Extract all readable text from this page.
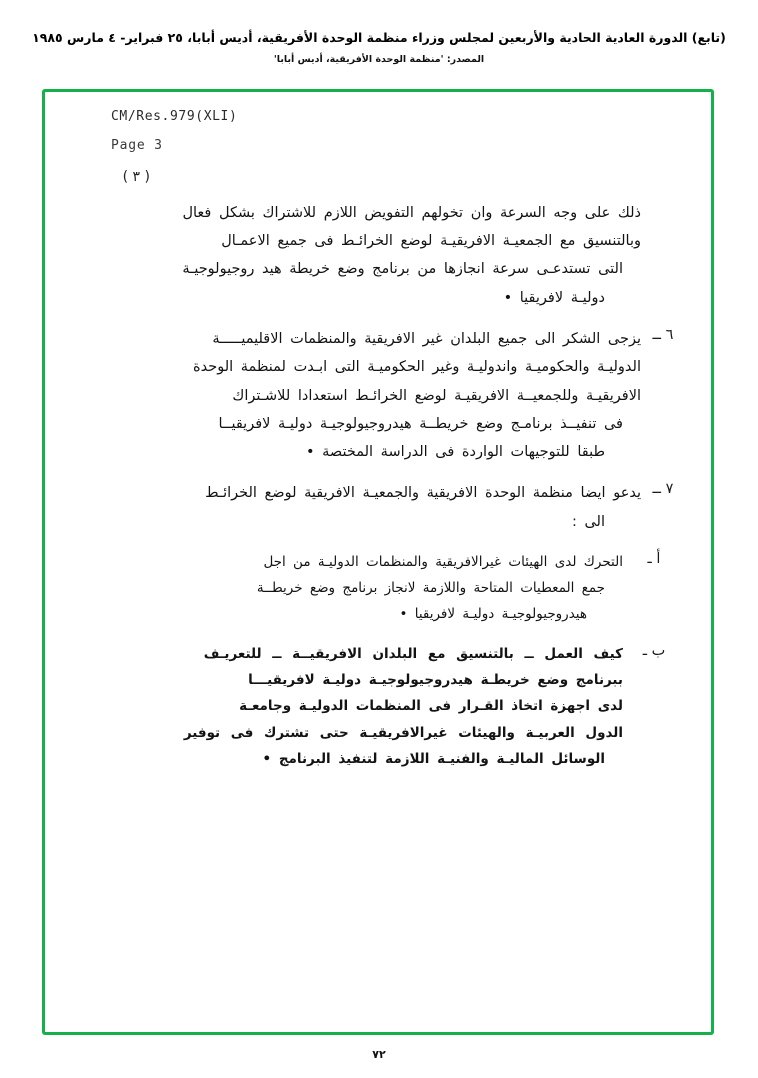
(تابع) الدورة العادية الحادية والأربعين لمجلس وزراء منظمة الوحدة الأفريقية، أديس أبابا، ٢٥ فبراير- ٤ مارس ١٩٨٥
المصدر: 'منظمة الوحدة الأفريقية، أديس أبابا'
CM/Res.979(XLI)
Page 3
( ٣ )
ذلك على وجه السرعة وان تخولهم التفويض اللازم للاشتراك بشكل فعال
وبالتنسيق مع الجمعيـة الافريقيـة لوضع الخرائـط فى جميع الاعمـال
التى تستدعـى سرعة انجازها من برنامج وضع خريطة هيد روجيولوجيـة
دوليـة لافريقيا •
٦ ــ
يزجى الشكر الى جميع البلدان غير الافريقية والمنظمات الاقليميـــــة
الدوليـة والحكوميـة واندوليـة وغير الحكوميـة التى ابـدت لمنظمة الوحدة
الافريقيـة وللجمعيــة الافريقيـة لوضع الخرائـط استعدادا للاشـتراك
فى تنفيــذ برنامـج وضع خريطــة هيدروجيولوجيـة دوليـة لافريقيــا
طبقا للتوجيهات الواردة فى الدراسة المختصة •
٧ ــ
يدعو ايضا منظمة الوحدة الافريقية والجمعيـة الافريقية لوضع الخرائـط
الى :
أ ـ
التحرك لدى الهيئات غيرالافريقية والمنظمات الدوليـة من اجل
جمع المعطيات المتاحة واللازمة لانجاز برنامج وضع خريطــة
هيدروجيولوجيـة دوليـة لافريقيا •
ب ـ
كيف العمل ــ بالتنسيق مع البلدان الافريقيــة ــ للتعريـف
ببرنامج وضع خريطـة هيدروجيولوجيـة دوليـة لافريقيـــا
لدى اجهزة اتخاذ القـرار فى المنظمات الدوليـة وجامعـة
الدول العربيـة والهيئات غيرالافريقيـة حتى تشترك فى توفير
الوسائل الماليـة والفنيـة اللازمة لتنفيذ البرنامج •
٧٢
